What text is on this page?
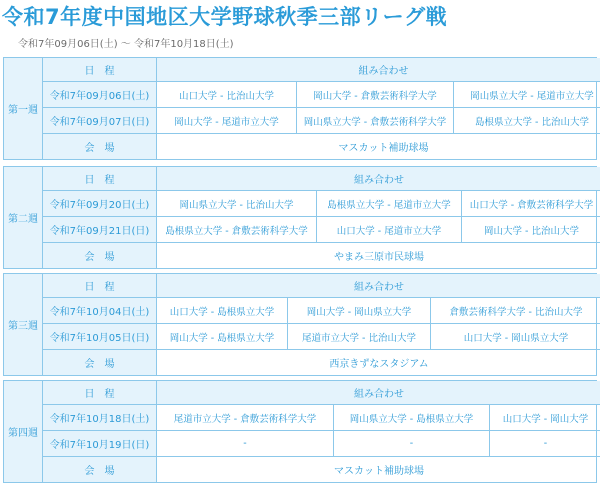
令和7年度中国地区大学野球秋季三部リーグ戦

令和7年09月06日(土) 〜 令和7年10月18日(土)

第一週
日　程	組み合わせ
令和7年09月06日(土)	山口大学 - 比治山大学	岡山大学 - 倉敷芸術科学大学	岡山県立大学 - 尾道市立大学
令和7年09月07日(日)	岡山大学 - 尾道市立大学	岡山県立大学 - 倉敷芸術科学大学	島根県立大学 - 比治山大学
会　場	マスカット補助球場
第二週
日　程	組み合わせ
令和7年09月20日(土)	岡山県立大学 - 比治山大学	島根県立大学 - 尾道市立大学	山口大学 - 倉敷芸術科学大学
令和7年09月21日(日)	島根県立大学 - 倉敷芸術科学大学	山口大学 - 尾道市立大学	岡山大学 - 比治山大学
会　場	やまみ三原市民球場
第三週
日　程	組み合わせ
令和7年10月04日(土)	山口大学 - 島根県立大学	岡山大学 - 岡山県立大学	倉敷芸術科学大学 - 比治山大学
令和7年10月05日(日)	岡山大学 - 島根県立大学	尾道市立大学 - 比治山大学	山口大学 - 岡山県立大学
会　場	西京きずなスタジアム
第四週
日　程	組み合わせ
令和7年10月18日(土)	尾道市立大学 - 倉敷芸術科学大学	岡山県立大学 - 島根県立大学	山口大学 - 岡山大学
令和7年10月19日(日)	-	-	-
会　場	マスカット補助球場
